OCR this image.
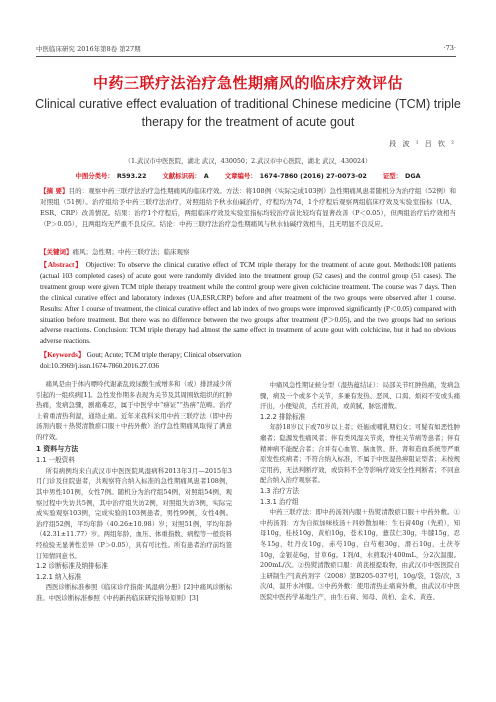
中医临床研究 2016年第8卷 第27期	·73·
中药三联疗法治疗急性期痛风的临床疗效评估
Clinical curative effect evaluation of traditional Chinese medicine (TCM) triple therapy for the treatment of acute gout
段 波 ¹ 吕 钦 ²
（1.武汉市中医医院，湖北 武汉，430050；2.武汉市中心医院，湖北 武汉，430024）
中图分类号： R593.22	文献标识码： A	文章编号： 1674-7860 (2016) 27-0073-02	证型： DGA
【摘 要】目的：观察中药三联疗法治疗急性期痛风的临床疗效。方法：将108例（实际完成103例）急性期痛风患者随机分为治疗组（52例）和对照组（51例）。治疗组给予中药三联疗法治疗，对照组给予秋水仙碱治疗，疗程均为7d，1个疗程后观察两组临床疗效及实验室指标（UA、ESR、CRP）改善情况。结果：治疗1个疗程后，两组临床疗效及实验室指标均较治疗前比较均有显著改善（P＜0.05），但两组治疗后疗效相当（P＞0.05），且两组均无严重不良反应。结论：中药三联疗法治疗急性期痛风与秋水仙碱疗效相当，且无明显不良反应。
【关键词】痛风；急性期；中药三联疗法；临床观察
【Abstract】 Objective: To observe the clinical curative effect of TCM triple therapy for the treatment of acute gout. Methods:108 patients (actual 103 completed cases) of acute gout were randomly divided into the treatment group (52 cases) and the control group (51 cases). The treatment group were given TCM triple therapy treatment while the control group were given colchicine treatment. The course was 7 days. Then the clinical curative effect and laboratory indexes (UA,ESR,CRP) before and after treatment of the two groups were observed after 1 course. Results: After 1 course of treatment, the clinical curative effect and lab index of two groups were improved significantly (P＜0.05) compared with situation before treatment. But there was no difference between the two groups after treatment (P＞0.05), and the two groups had no serious adverse reactions. Conclusion: TCM triple therapy had almost the same effect in treatment of acute gout with colchicine, but it had no obvious adverse reactions.
【Keywords】 Gout; Acute; TCM triple therapy; Clinical observation
doi:10.3969/j.issn.1674-7860.2016.27.036

痛风是由于体内嘌呤代谢紊乱致尿酸生成增多和（或）排泄减少所引起的一组疾病[1]。急性发作期多表现为关节及其周围软组织的红肿热痛，发病急骤，剧痛难忍，属于中医学中“痹证”“热痹”范畴。治疗上着重清热利湿，通络止痛。近年来我科采用中药三联疗法（即中药汤剂内服＋热熨清散瘀口服＋中药外敷）治疗急性期痛风取得了满意的疗效。

1 资料与方法

1.1 一般资料

所有病例均来自武汉市中医医院风湿病科2013年3月—2015年3月门诊及住院患者，共观察符合纳入标准的急性期痛风患者108例，其中男性101例，女性7例。随机分为治疗组54例，对照组54例，观察过程中失访共5例，其中治疗组失访2例，对照组失访3例，实际完成实验观察103例，完成实验的103例患者，男性99例，女性4例。治疗组52例，平均年龄（40.26±10.98）岁；对照51例，平均年龄（42.31±11.77）岁。两组年龄、血压、体重指数、病程等一般资料经检验无显著性差异（P＞0.05），具有可比性。所有患者治疗前均签订知情同意书。

1.2 诊断标准及纳排标准

1.2.1 纳入标准

西医诊断标准参照《临床诊疗指南·风湿病分册》[2]中痛风诊断标准。中医诊断标准参照《中药新药临床研究指导原则》[3]

中痛风急性期证候分型（湿热蕴结证）：局部关节红肿热痛，发病急骤，病及一个或多个关节，多兼有发热、恶风、口渴、烦闷不安或头痛汗出，小便短黄，舌红苔黄，或黄腻，脉弦滑数。

1.2.2 排除标准

年龄18岁以下或70岁以上者；妊娠或哺乳期妇女；可疑有如恶性肿瘤者；隐源发性痛风者；伴有类风湿关节炎，脊柱关节病等患者；伴有精神病不能配合者；合并有心血管、脑血管、肝、肾和造血系统等严重原发性疾病者；不符合纳入标准，不属于中医湿热痹阻证型者；未按规定用药，无法判断疗效，或资料不全等影响疗效安全性判断者；不同意配合纳入治疗观察者。

1.3 治疗方法

1.3.1 治疗组

中药三联疗法：即中药汤剂内服＋热熨清散瘀口服＋中药外敷。①中药汤剂：方为自拟加味枝汤＋四妙散加味：生石膏40g（先煎），知母10g，桂枝10g，黄柏10g，苍术10g，薏苡仁30g，牛膝15g，忍冬15g，牡丹皮10g，赤芍10g，白芍根30g，滑石10g，土茯苓10g，金银花6g，甘草6g。1剂/d，水煎取汁400mL，分2次温服。200mL/次。②热熨清散瘀口服：黄芪根提取物，由武汉市中医医院自主研制生产[黄药剂字（2008）第B205-037号]，10g/袋，1袋/次，3次/d，温开水冲服。③中药外敷：使用清热止痛膏外敷，由武汉市中医医院中医药学基地生产，由生石膏、知母、黄柏、金术、黄连、
